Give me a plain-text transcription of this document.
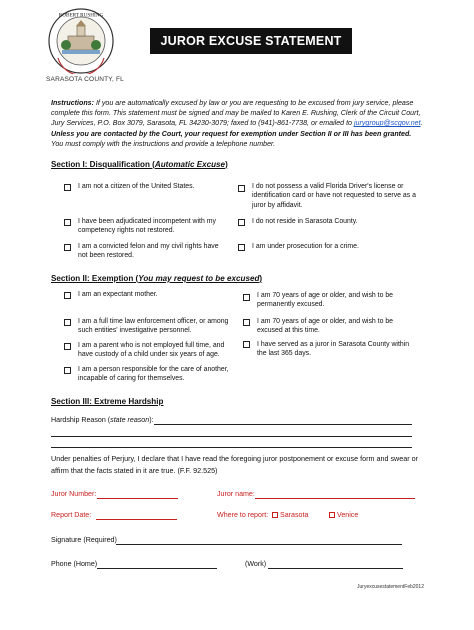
ROBERT RUSHING
SARASOTA COUNTY, FL
JUROR EXCUSE STATEMENT
Instructions: If you are automatically excused by law or you are requesting to be excused from jury service, please complete this form. This statement must be signed and may be mailed to Karen E. Rushing, Clerk of the Circuit Court, Jury Services, P.O. Box 3079, Sarasota, FL 34230-3079; faxed to (941)-861-7738, or emailed to jurygroup@scgov.net. Unless you are contacted by the Court, your request for exemption under Section II or III has been granted. You must comply with the instructions and provide a telephone number.
Section I: Disqualification (Automatic Excuse)
I am not a citizen of the United States.	I do not possess a valid Florida Driver's license or identification card or have not requested to serve as a juror by affidavit.
I have been adjudicated incompetent with my competency rights not restored.
I do not reside in Sarasota County.
I am a convicted felon and my civil rights have not been restored.
I am under prosecution for a crime.
Section II: Exemption (You may request to be excused)
I am an expectant mother.	I am 70 years of age or older, and wish to be permanently excused.
I am a full time law enforcement officer, or among such entities' investigative personnel.
I am 70 years of age or older, and wish to be excused at this time.
I am a parent who is not employed full time, and have custody of a child under six years of age.
I have served as a juror in Sarasota County within the last 365 days.
I am a person responsible for the care of another, incapable of caring for themselves.
Section III: Extreme Hardship
Hardship Reason (state reason):
Under penalties of Perjury, I declare that I have read the foregoing juror postponement or excuse form and swear or affirm that the facts stated in it are true. (F.F. 92.525)
Juror Number:	Juror name:
Report Date:	Where to report:	Sarasota	Venice
Signature (Required)
Phone (Home)	(Work)
JuryexcusestatementFeb2012
